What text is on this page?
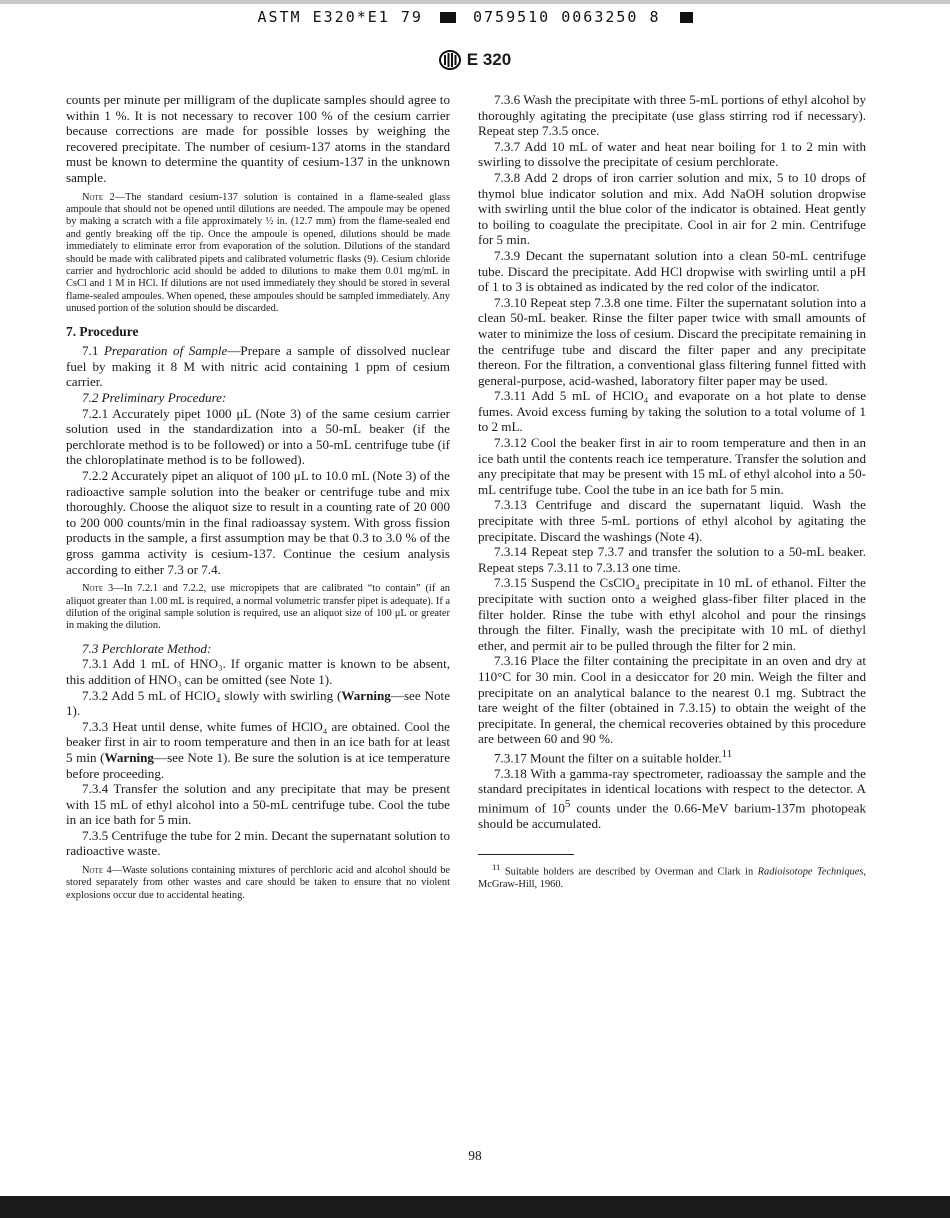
ASTM E320*E1 79	0759510 0063250 8
E 320

counts per minute per milligram of the duplicate samples should agree to within 1 %. It is not necessary to recover 100 % of the cesium carrier because corrections are made for possible losses by weighing the recovered precipitate. The number of cesium-137 atoms in the standard must be known to determine the quantity of cesium-137 in the unknown sample.

Note 2—The standard cesium-137 solution is contained in a flame-sealed glass ampoule that should not be opened until dilutions are needed. The ampoule may be opened by making a scratch with a file approximately ½ in. (12.7 mm) from the flame-sealed end and gently breaking off the tip. Once the ampoule is opened, dilutions should be made immediately to eliminate error from evaporation of the solution. Dilutions of the standard should be made with calibrated pipets and calibrated volumetric flasks (9). Cesium chloride carrier and hydrochloric acid should be added to dilutions to make them 0.01 mg/mL in CsCl and 1 M in HCl. If dilutions are not used immediately they should be stored in several flame-sealed ampoules. When opened, these ampoules should be sampled immediately. Any unused portion of the solution should be discarded.

7. Procedure

7.1 Preparation of Sample—Prepare a sample of dissolved nuclear fuel by making it 8 M with nitric acid containing 1 ppm of cesium carrier.

7.2 Preliminary Procedure:

7.2.1 Accurately pipet 1000 μL (Note 3) of the same cesium carrier solution used in the standardization into a 50-mL beaker (if the perchlorate method is to be followed) or into a 50-mL centrifuge tube (if the chloroplatinate method is to be followed).

7.2.2 Accurately pipet an aliquot of 100 μL to 10.0 mL (Note 3) of the radioactive sample solution into the beaker or centrifuge tube and mix thoroughly. Choose the aliquot size to result in a counting rate of 20 000 to 200 000 counts/min in the final radioassay system. With gross fission products in the sample, a first assumption may be that 0.3 to 3.0 % of the gross gamma activity is cesium-137. Continue the cesium analysis according to either 7.3 or 7.4.

Note 3—In 7.2.1 and 7.2.2, use micropipets that are calibrated “to contain” (if an aliquot greater than 1.00 mL is required, a normal volumetric transfer pipet is adequate). If a dilution of the original sample solution is required, use an aliquot size of 100 μL or greater in making the dilution.

7.3 Perchlorate Method:

7.3.1 Add 1 mL of HNO₃. If organic matter is known to be absent, this addition of HNO₃ can be omitted (see Note 1).

7.3.2 Add 5 mL of HClO₄ slowly with swirling (Warning—see Note 1).

7.3.3 Heat until dense, white fumes of HClO₄ are obtained. Cool the beaker first in air to room temperature and then in an ice bath for at least 5 min (Warning—see Note 1). Be sure the solution is at ice temperature before proceeding.

7.3.4 Transfer the solution and any precipitate that may be present with 15 mL of ethyl alcohol into a 50-mL centrifuge tube. Cool the tube in an ice bath for 5 min.

7.3.5 Centrifuge the tube for 2 min. Decant the supernatant solution to radioactive waste.

Note 4—Waste solutions containing mixtures of perchloric acid and alcohol should be stored separately from other wastes and care should be taken to ensure that no violent explosions occur due to accidental heating.

7.3.6 Wash the precipitate with three 5-mL portions of ethyl alcohol by thoroughly agitating the precipitate (use glass stirring rod if necessary). Repeat step 7.3.5 once.

7.3.7 Add 10 mL of water and heat near boiling for 1 to 2 min with swirling to dissolve the precipitate of cesium perchlorate.

7.3.8 Add 2 drops of iron carrier solution and mix, 5 to 10 drops of thymol blue indicator solution and mix. Add NaOH solution dropwise with swirling until the blue color of the indicator is obtained. Heat gently to boiling to coagulate the precipitate. Cool in air for 2 min. Centrifuge for 5 min.

7.3.9 Decant the supernatant solution into a clean 50-mL centrifuge tube. Discard the precipitate. Add HCl dropwise with swirling until a pH of 1 to 3 is obtained as indicated by the red color of the indicator.

7.3.10 Repeat step 7.3.8 one time. Filter the supernatant solution into a clean 50-mL beaker. Rinse the filter paper twice with small amounts of water to minimize the loss of cesium. Discard the precipitate remaining in the centrifuge tube and discard the filter paper and any precipitate thereon. For the filtration, a conventional glass filtering funnel fitted with general-purpose, acid-washed, laboratory filter paper may be used.

7.3.11 Add 5 mL of HClO₄ and evaporate on a hot plate to dense fumes. Avoid excess fuming by taking the solution to a total volume of 1 to 2 mL.

7.3.12 Cool the beaker first in air to room temperature and then in an ice bath until the contents reach ice temperature. Transfer the solution and any precipitate that may be present with 15 mL of ethyl alcohol into a 50-mL centrifuge tube. Cool the tube in an ice bath for 5 min.

7.3.13 Centrifuge and discard the supernatant liquid. Wash the precipitate with three 5-mL portions of ethyl alcohol by agitating the precipitate. Discard the washings (Note 4).

7.3.14 Repeat step 7.3.7 and transfer the solution to a 50-mL beaker. Repeat steps 7.3.11 to 7.3.13 one time.

7.3.15 Suspend the CsClO₄ precipitate in 10 mL of ethanol. Filter the precipitate with suction onto a weighed glass-fiber filter placed in the filter holder. Rinse the tube with ethyl alcohol and pour the rinsings through the filter. Finally, wash the precipitate with 10 mL of diethyl ether, and permit air to be pulled through the filter for 2 min.

7.3.16 Place the filter containing the precipitate in an oven and dry at 110°C for 30 min. Cool in a desiccator for 20 min. Weigh the filter and precipitate on an analytical balance to the nearest 0.1 mg. Subtract the tare weight of the filter (obtained in 7.3.15) to obtain the weight of the precipitate. In general, the chemical recoveries obtained by this procedure are between 60 and 90 %.

7.3.17 Mount the filter on a suitable holder.$^{11}$

7.3.18 With a gamma-ray spectrometer, radioassay the sample and the standard precipitates in identical locations with respect to the detector. A minimum of $10^5$ counts under the 0.66-MeV barium-137m photopeak should be accumulated.

$^{11}$ Suitable holders are described by Overman and Clark in Radioisotope Techniques, McGraw-Hill, 1960.

98
